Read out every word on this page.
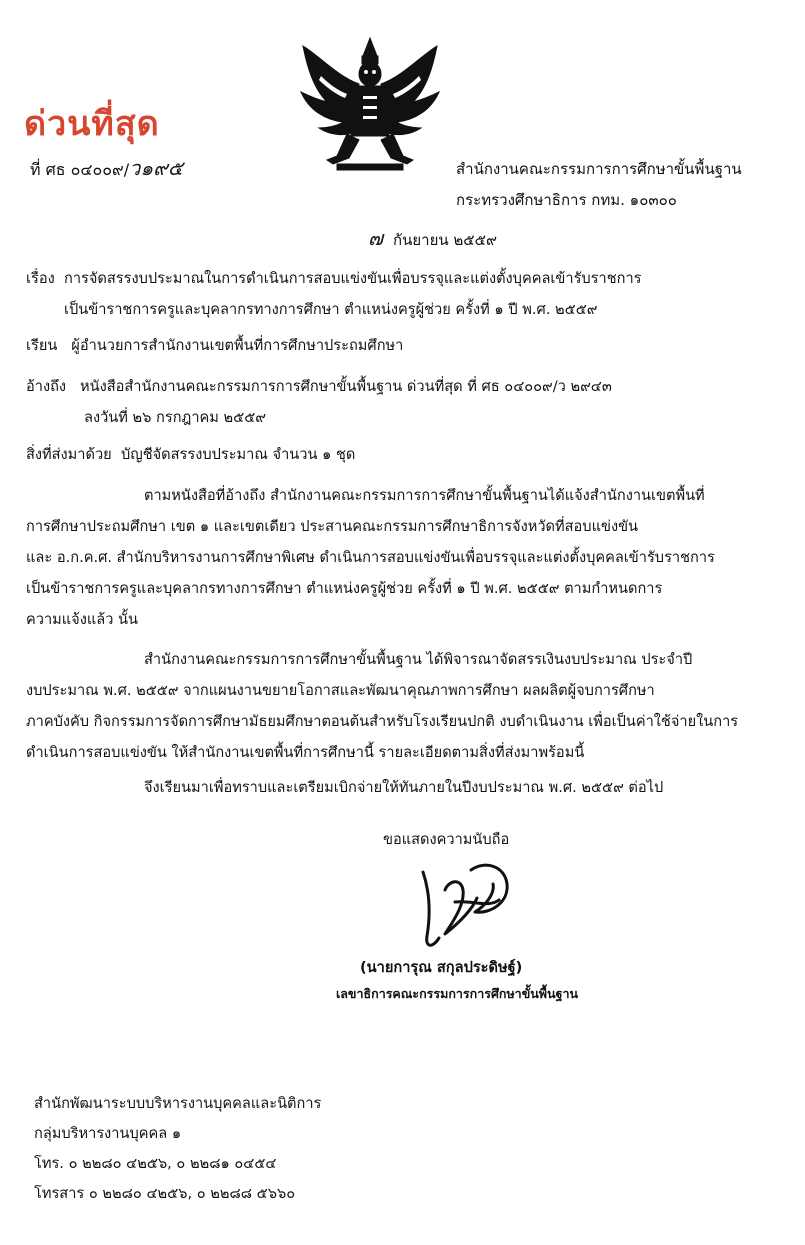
ด่วนที่สุด
ที่ ศธ ๐๔๐๐๙/ว๑๙๕	สำนักงานคณะกรรมการการศึกษาขั้นพื้นฐาน
กระทรวงศึกษาธิการ กทม. ๑๐๓๐๐
๗ กันยายน ๒๕๕๙
เรื่อง การจัดสรรงบประมาณในการดำเนินการสอบแข่งขันเพื่อบรรจุและแต่งตั้งบุคคลเข้ารับราชการ
เป็นข้าราชการครูและบุคลากรทางการศึกษา ตำแหน่งครูผู้ช่วย ครั้งที่ ๑ ปี พ.ศ. ๒๕๕๙
เรียน ผู้อำนวยการสำนักงานเขตพื้นที่การศึกษาประถมศึกษา
อ้างถึง หนังสือสำนักงานคณะกรรมการการศึกษาขั้นพื้นฐาน ด่วนที่สุด ที่ ศธ ๐๔๐๐๙/ว ๒๙๔๓
ลงวันที่ ๒๖ กรกฎาคม ๒๕๕๙
สิ่งที่ส่งมาด้วย บัญชีจัดสรรงบประมาณ จำนวน ๑ ชุด
ตามหนังสือที่อ้างถึง สำนักงานคณะกรรมการการศึกษาขั้นพื้นฐานได้แจ้งสำนักงานเขตพื้นที่
การศึกษาประถมศึกษา เขต ๑ และเขตเดียว ประสานคณะกรรมการศึกษาธิการจังหวัดที่สอบแข่งขัน
และ อ.ก.ค.ศ. สำนักบริหารงานการศึกษาพิเศษ ดำเนินการสอบแข่งขันเพื่อบรรจุและแต่งตั้งบุคคลเข้ารับราชการ
เป็นข้าราชการครูและบุคลากรทางการศึกษา ตำแหน่งครูผู้ช่วย ครั้งที่ ๑ ปี พ.ศ. ๒๕๕๙ ตามกำหนดการ
ความแจ้งแล้ว นั้น
สำนักงานคณะกรรมการการศึกษาขั้นพื้นฐาน ได้พิจารณาจัดสรรเงินงบประมาณ ประจำปี
งบประมาณ พ.ศ. ๒๕๕๙ จากแผนงานขยายโอกาสและพัฒนาคุณภาพการศึกษา ผลผลิตผู้จบการศึกษา
ภาคบังคับ กิจกรรมการจัดการศึกษามัธยมศึกษาตอนต้นสำหรับโรงเรียนปกติ งบดำเนินงาน เพื่อเป็นค่าใช้จ่ายในการ
ดำเนินการสอบแข่งขัน ให้สำนักงานเขตพื้นที่การศึกษานี้ รายละเอียดตามสิ่งที่ส่งมาพร้อมนี้
จึงเรียนมาเพื่อทราบและเตรียมเบิกจ่ายให้ทันภายในปีงบประมาณ พ.ศ. ๒๕๕๙ ต่อไป
ขอแสดงความนับถือ
(นายการุณ สกุลประดิษฐ์)
เลขาธิการคณะกรรมการการศึกษาขั้นพื้นฐาน
สำนักพัฒนาระบบบริหารงานบุคคลและนิติการ
กลุ่มบริหารงานบุคคล ๑
โทร. ๐ ๒๒๘๐ ๔๒๕๖, ๐ ๒๒๘๑ ๐๔๕๔
โทรสาร ๐ ๒๒๘๐ ๔๒๕๖, ๐ ๒๒๘๘ ๕๖๖๐
